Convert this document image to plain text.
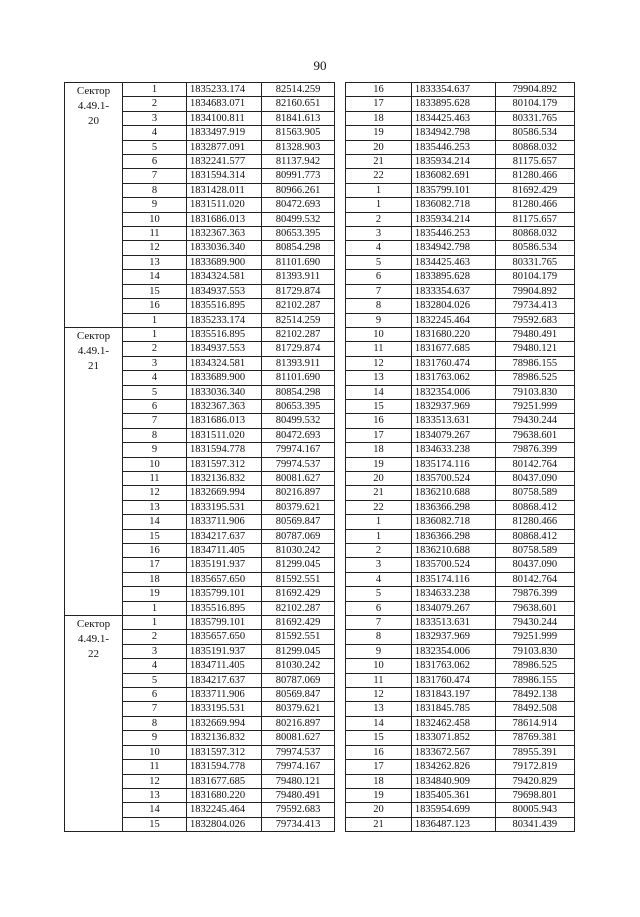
90
Сектор
4.49.1-
20	1	1835233.174	82514.259
	2	1834683.071	82160.651
	3	1834100.811	81841.613
	4	1833497.919	81563.905
	5	1832877.091	81328.903
	6	1832241.577	81137.942
	7	1831594.314	80991.773
	8	1831428.011	80966.261
	9	1831511.020	80472.693
	10	1831686.013	80499.532
	11	1832367.363	80653.395
	12	1833036.340	80854.298
	13	1833689.900	81101.690
	14	1834324.581	81393.911
	15	1834937.553	81729.874
	16	1835516.895	82102.287
	1	1835233.174	82514.259

Сектор
4.49.1-
21	1	1835516.895	82102.287
	2	1834937.553	81729.874
	3	1834324.581	81393.911
	4	1833689.900	81101.690
	5	1833036.340	80854.298
	6	1832367.363	80653.395
	7	1831686.013	80499.532
	8	1831511.020	80472.693
	9	1831594.778	79974.167
	10	1831597.312	79974.537
	11	1832136.832	80081.627
	12	1832669.994	80216.897
	13	1833195.531	80379.621
	14	1833711.906	80569.847
	15	1834217.637	80787.069
	16	1834711.405	81030.242
	17	1835191.937	81299.045
	18	1835657.650	81592.551
	19	1835799.101	81692.429
	1	1835516.895	82102.287

Сектор
4.49.1-
22	1	1835799.101	81692.429
	2	1835657.650	81592.551
	3	1835191.937	81299.045
	4	1834711.405	81030.242
	5	1834217.637	80787.069
	6	1833711.906	80569.847
	7	1833195.531	80379.621
	8	1832669.994	80216.897
	9	1832136.832	80081.627
	10	1831597.312	79974.537
	11	1831594.778	79974.167
	12	1831677.685	79480.121
	13	1831680.220	79480.491
	14	1832245.464	79592.683
	15	1832804.026	79734.413
	16	1833354.637	79904.892
17	1833895.628	80104.179
18	1834425.463	80331.765
19	1834942.798	80586.534
20	1835446.253	80868.032
21	1835934.214	81175.657
22	1836082.691	81280.466
1	1835799.101	81692.429

	1	1836082.718	81280.466
2	1835934.214	81175.657
3	1835446.253	80868.032
4	1834942.798	80586.534
5	1834425.463	80331.765
6	1833895.628	80104.179
7	1833354.637	79904.892
8	1832804.026	79734.413
9	1832245.464	79592.683
10	1831680.220	79480.491
11	1831677.685	79480.121
12	1831760.474	78986.155
13	1831763.062	78986.525
14	1832354.006	79103.830
15	1832937.969	79251.999
16	1833513.631	79430.244
17	1834079.267	79638.601
18	1834633.238	79876.399
19	1835174.116	80142.764
20	1835700.524	80437.090
21	1836210.688	80758.589
22	1836366.298	80868.412
1	1836082.718	81280.466

	1	1836366.298	80868.412
2	1836210.688	80758.589
3	1835700.524	80437.090
4	1835174.116	80142.764
5	1834633.238	79876.399
6	1834079.267	79638.601
7	1833513.631	79430.244
8	1832937.969	79251.999
9	1832354.006	79103.830
10	1831763.062	78986.525
11	1831760.474	78986.155
12	1831843.197	78492.138
13	1831845.785	78492.508
14	1832462.458	78614.914
15	1833071.852	78769.381
16	1833672.567	78955.391
17	1834262.826	79172.819
18	1834840.909	79420.829
19	1835405.361	79698.801
20	1835954.699	80005.943
21	1836487.123	80341.439
